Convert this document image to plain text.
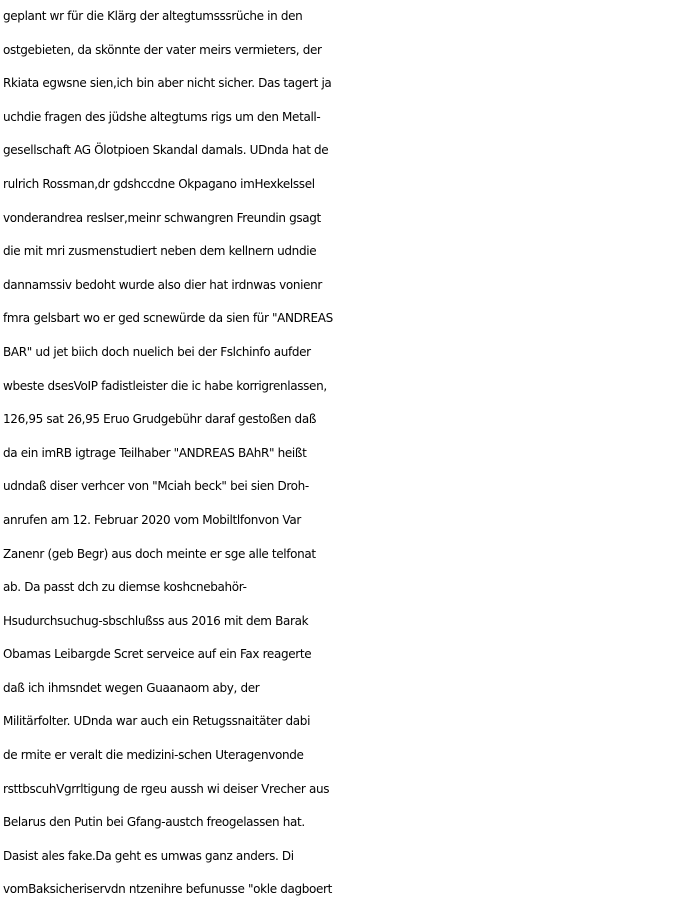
geplant wr für die Klärg der altegtumsssrüche in den
ostgebieten, da skönnte der vater meirs vermieters, der
Rkiata egwsne sien,ich bin aber nicht sicher. Das tagert ja
uchdie fragen des jüdshe altegtums rigs um den Metall-
gesellschaft AG Ölotpioen Skandal damals. UDnda hat de
rulrich Rossman,dr gdshccdne Okpagano imHexkelssel
vonderandrea reslser,meinr schwangren Freundin gsagt
die mit mri zusmenstudiert neben dem kellnern udndie
dannamssiv bedoht wurde also dier hat irdnwas vonienr
fmra gelsbart wo er ged scnewürde da sien für "ANDREAS
BAR" ud jet biich doch nuelich bei der Fslchinfo aufder
wbeste dsesVoIP fadistleister die ic habe korrigrenlassen,
126,95 sat 26,95 Eruo Grudgebühr daraf gestoßen daß
da ein imRB igtrage Teilhaber "ANDREAS BAhR" heißt
udndaß diser verhcer von "Mciah beck" bei sien Droh-
anrufen am 12. Februar 2020 vom Mobiltlfonvon Var
Zanenr (geb Begr) aus doch meinte er sge alle telfonat
ab. Da passt dch zu diemse koshcnebahör-
Hsudurchsuchug-sbschlußss aus 2016 mit dem Barak
Obamas Leibargde Scret serveice auf ein Fax reagerte
daß ich ihmsndet wegen Guaanaom aby, der
Militärfolter. UDnda war auch ein Retugssnaitäter dabi
de rmite er veralt die medizini-schen Uteragenvonde
rsttbscuhVgrrltigung de rgeu aussh wi deiser Vrecher aus
Belarus den Putin bei Gfang-austch freogelassen hat.
Dasist ales fake.Da geht es umwas ganz anders. Di
vomBaksicheriservdn ntzenihre befunusse "okle dagboert
